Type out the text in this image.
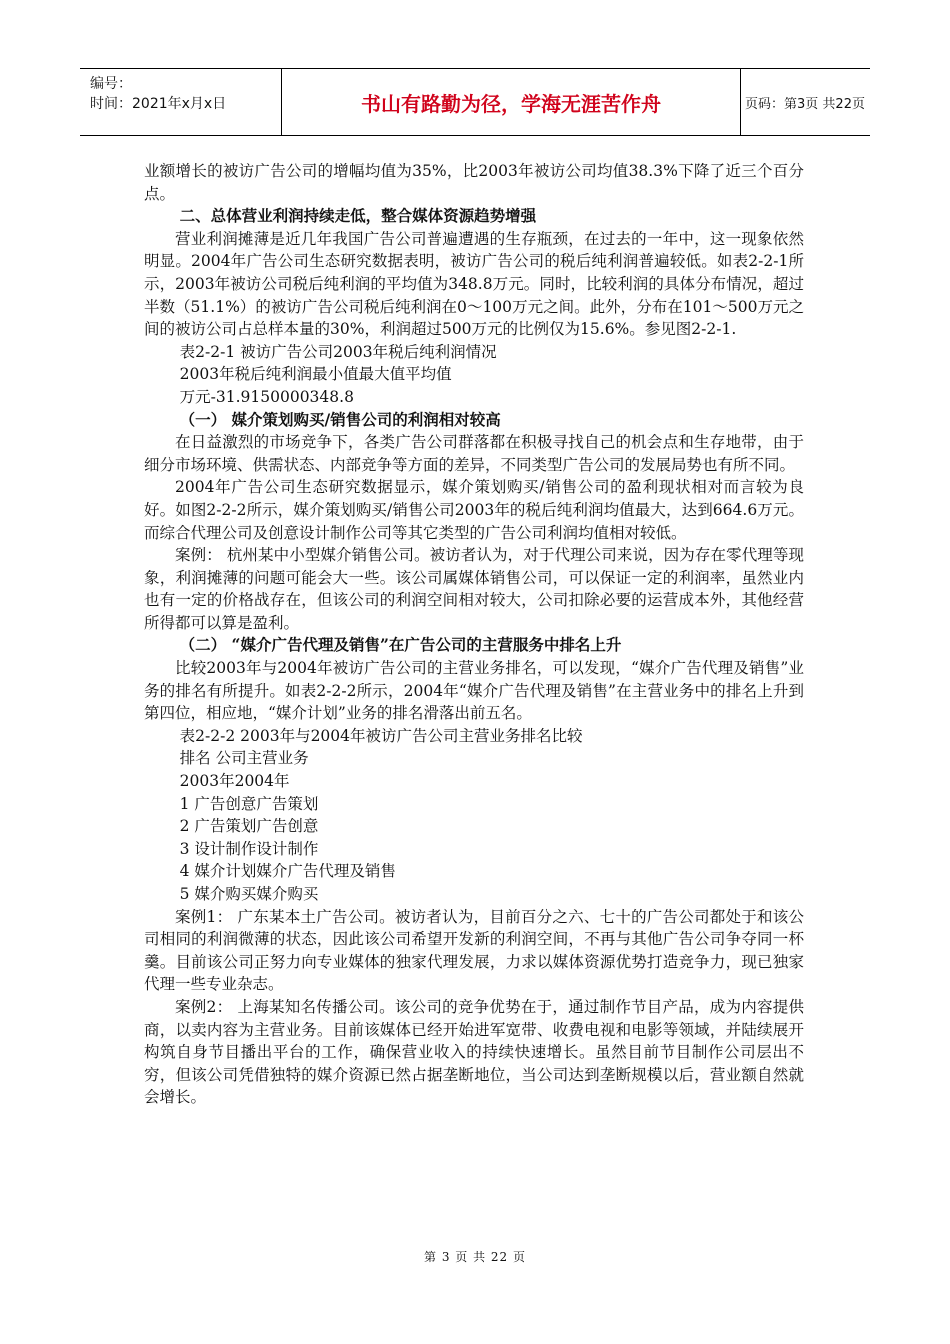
编号：
时间：2021年x月x日	书山有路勤为径，学海无涯苦作舟	页码：第3页 共22页

业额增长的被访广告公司的增幅均值为35%，比2003年被访公司均值38.3%下降了近三个百分点。

二、总体营业利润持续走低，整合媒体资源趋势增强

营业利润摊薄是近几年我国广告公司普遍遭遇的生存瓶颈，在过去的一年中，这一现象依然明显。2004年广告公司生态研究数据表明，被访广告公司的税后纯利润普遍较低。如表2-2-1所示，2003年被访公司税后纯利润的平均值为348.8万元。同时，比较利润的具体分布情况，超过半数（51.1%）的被访广告公司税后纯利润在0～100万元之间。此外，分布在101～500万元之间的被访公司占总样本量的30%，利润超过500万元的比例仅为15.6%。参见图2-2-1.

表2-2-1 被访广告公司2003年税后纯利润情况

2003年税后纯利润最小值最大值平均值

万元-31.9150000348.8

（一） 媒介策划购买/销售公司的利润相对较高

在日益激烈的市场竞争下，各类广告公司群落都在积极寻找自己的机会点和生存地带，由于细分市场环境、供需状态、内部竞争等方面的差异，不同类型广告公司的发展局势也有所不同。

2004年广告公司生态研究数据显示，媒介策划购买/销售公司的盈利现状相对而言较为良好。如图2-2-2所示，媒介策划购买/销售公司2003年的税后纯利润均值最大，达到664.6万元。而综合代理公司及创意设计制作公司等其它类型的广告公司利润均值相对较低。

案例： 杭州某中小型媒介销售公司。被访者认为，对于代理公司来说，因为存在零代理等现象，利润摊薄的问题可能会大一些。该公司属媒体销售公司，可以保证一定的利润率，虽然业内也有一定的价格战存在，但该公司的利润空间相对较大，公司扣除必要的运营成本外，其他经营所得都可以算是盈利。

（二） “媒介广告代理及销售”在广告公司的主营服务中排名上升

比较2003年与2004年被访广告公司的主营业务排名，可以发现，“媒介广告代理及销售”业务的排名有所提升。如表2-2-2所示，2004年“媒介广告代理及销售”在主营业务中的排名上升到第四位，相应地，“媒介计划”业务的排名滑落出前五名。

表2-2-2 2003年与2004年被访广告公司主营业务排名比较

排名 公司主营业务

2003年2004年

1 广告创意广告策划

2 广告策划广告创意

3 设计制作设计制作

4 媒介计划媒介广告代理及销售

5 媒介购买媒介购买

案例1： 广东某本土广告公司。被访者认为，目前百分之六、七十的广告公司都处于和该公司相同的利润微薄的状态，因此该公司希望开发新的利润空间，不再与其他广告公司争夺同一杯羹。目前该公司正努力向专业媒体的独家代理发展，力求以媒体资源优势打造竞争力，现已独家代理一些专业杂志。

案例2： 上海某知名传播公司。该公司的竞争优势在于，通过制作节目产品，成为内容提供商，以卖内容为主营业务。目前该媒体已经开始进军宽带、收费电视和电影等领域，并陆续展开构筑自身节目播出平台的工作，确保营业收入的持续快速增长。虽然目前节目制作公司层出不穷，但该公司凭借独特的媒介资源已然占据垄断地位，当公司达到垄断规模以后，营业额自然就会增长。

第 3 页 共 22 页
